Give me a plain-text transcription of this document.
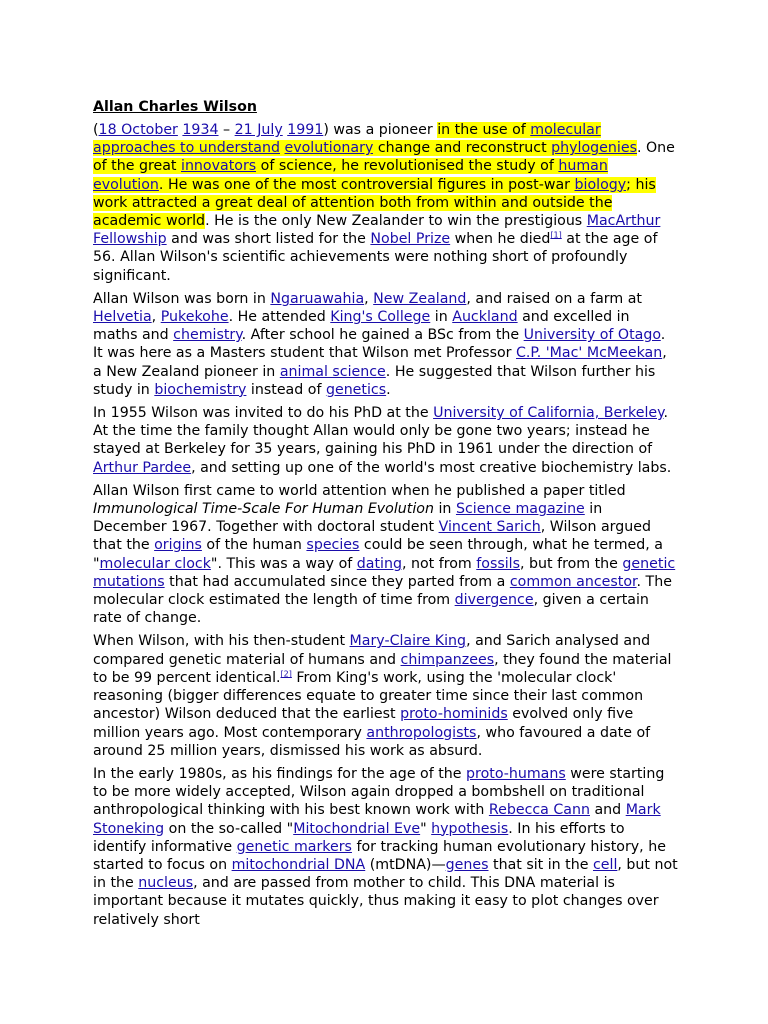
Allan Charles Wilson

(18 October 1934 – 21 July 1991) was a pioneer in the use of molecular approaches to understand evolutionary change and reconstruct phylogenies. One of the great innovators of science, he revolutionised the study of human evolution. He was one of the most controversial figures in post-war biology; his work attracted a great deal of attention both from within and outside the academic world. He is the only New Zealander to win the prestigious MacArthur Fellowship and was short listed for the Nobel Prize when he died[1] at the age of 56. Allan Wilson's scientific achievements were nothing short of profoundly significant.

Allan Wilson was born in Ngaruawahia, New Zealand, and raised on a farm at Helvetia, Pukekohe. He attended King's College in Auckland and excelled in maths and chemistry. After school he gained a BSc from the University of Otago. It was here as a Masters student that Wilson met Professor C.P. 'Mac' McMeekan, a New Zealand pioneer in animal science. He suggested that Wilson further his study in biochemistry instead of genetics.

In 1955 Wilson was invited to do his PhD at the University of California, Berkeley. At the time the family thought Allan would only be gone two years; instead he stayed at Berkeley for 35 years, gaining his PhD in 1961 under the direction of Arthur Pardee, and setting up one of the world's most creative biochemistry labs.

Allan Wilson first came to world attention when he published a paper titled Immunological Time-Scale For Human Evolution in Science magazine in December 1967. Together with doctoral student Vincent Sarich, Wilson argued that the origins of the human species could be seen through, what he termed, a "molecular clock". This was a way of dating, not from fossils, but from the genetic mutations that had accumulated since they parted from a common ancestor. The molecular clock estimated the length of time from divergence, given a certain rate of change.

When Wilson, with his then-student Mary-Claire King, and Sarich analysed and compared genetic material of humans and chimpanzees, they found the material to be 99 percent identical.[2] From King's work, using the 'molecular clock' reasoning (bigger differences equate to greater time since their last common ancestor) Wilson deduced that the earliest proto-hominids evolved only five million years ago. Most contemporary anthropologists, who favoured a date of around 25 million years, dismissed his work as absurd.

In the early 1980s, as his findings for the age of the proto-humans were starting to be more widely accepted, Wilson again dropped a bombshell on traditional anthropological thinking with his best known work with Rebecca Cann and Mark Stoneking on the so-called "Mitochondrial Eve" hypothesis. In his efforts to identify informative genetic markers for tracking human evolutionary history, he started to focus on mitochondrial DNA (mtDNA)—genes that sit in the cell, but not in the nucleus, and are passed from mother to child. This DNA material is important because it mutates quickly, thus making it easy to plot changes over relatively short
